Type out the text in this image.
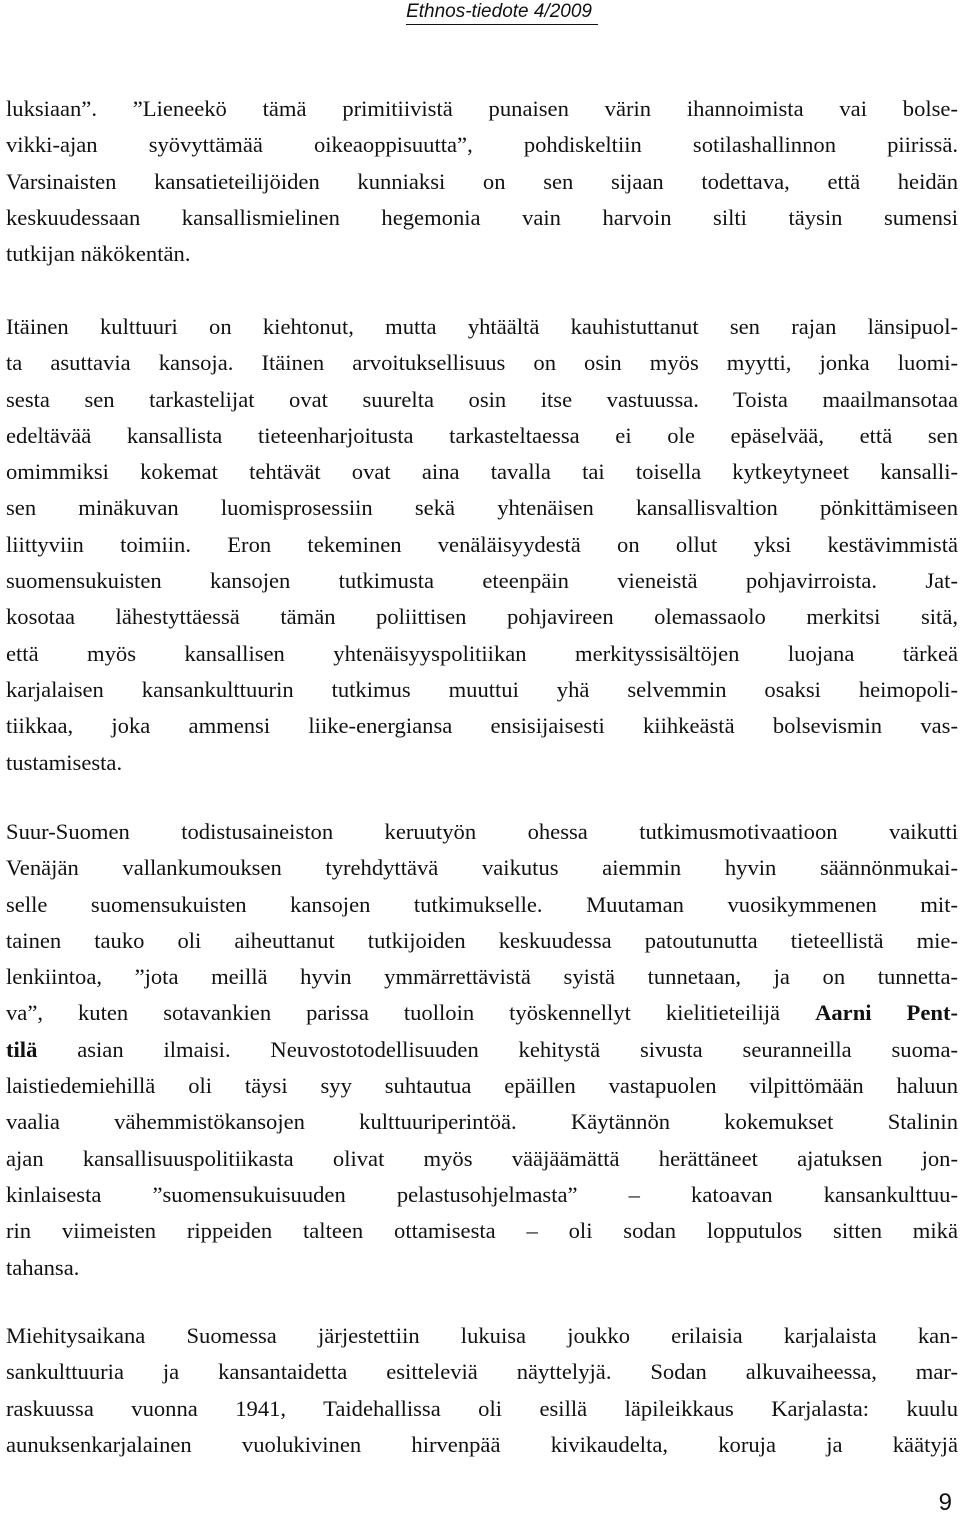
Ethnos-tiedote 4/2009
luksiaan”. ”Lieneekö tämä primitiivistä punaisen värin ihannoimista vai bolse-
vikki-ajan syövyttämää oikeaoppisuutta”, pohdiskeltiin sotilashallinnon piirissä.
Varsinaisten kansatieteilijöiden kunniaksi on sen sijaan todettava, että heidän
keskuudessaan kansallismielinen hegemonia vain harvoin silti täysin sumensi
tutkijan näkökentän.
Itäinen kulttuuri on kiehtonut, mutta yhtäältä kauhistuttanut sen rajan länsipuol-
ta asuttavia kansoja. Itäinen arvoituksellisuus on osin myös myytti, jonka luomi-
sesta sen tarkastelijat ovat suurelta osin itse vastuussa. Toista maailmansotaa
edeltävää kansallista tieteenharjoitusta tarkasteltaessa ei ole epäselvää, että sen
omimmiksi kokemat tehtävät ovat aina tavalla tai toisella kytkeytyneet kansalli-
sen minäkuvan luomisprosessiin sekä yhtenäisen kansallisvaltion pönkittämiseen
liittyviin toimiin. Eron tekeminen venäläisyydestä on ollut yksi kestävimmistä
suomensukuisten kansojen tutkimusta eteenpäin vieneistä pohjavirroista. Jat-
kosotaa lähestyttäessä tämän poliittisen pohjavireen olemassaolo merkitsi sitä,
että myös kansallisen yhtenäisyyspolitiikan merkityssisältöjen luojana tärkeä
karjalaisen kansankulttuurin tutkimus muuttui yhä selvemmin osaksi heimopoli-
tiikkaa, joka ammensi liike-energiansa ensisijaisesti kiihkeästä bolsevismin vas-
tustamisesta.
Suur-Suomen todistusaineiston keruutyön ohessa tutkimusmotivaatioon vaikutti
Venäjän vallankumouksen tyrehdyttävä vaikutus aiemmin hyvin säännönmukai-
selle suomensukuisten kansojen tutkimukselle. Muutaman vuosikymmenen mit-
tainen tauko oli aiheuttanut tutkijoiden keskuudessa patoutunutta tieteellistä mie-
lenkiintoa, ”jota meillä hyvin ymmärrettävistä syistä tunnetaan, ja on tunnetta-
va”, kuten sotavankien parissa tuolloin työskennellyt kielitieteilijä Aarni Pent-
tilä asian ilmaisi. Neuvostotodellisuuden kehitystä sivusta seuranneilla suoma-
laistiedemiehillä oli täysi syy suhtautua epäillen vastapuolen vilpittömään haluun
vaalia vähemmistökansojen kulttuuriperintöä. Käytännön kokemukset Stalinin
ajan kansallisuuspolitiikasta olivat myös vääjäämättä herättäneet ajatuksen jon-
kinlaisesta ”suomensukuisuuden pelastusohjelmasta” – katoavan kansankulttuu-
rin viimeisten rippeiden talteen ottamisesta – oli sodan lopputulos sitten mikä
tahansa.
Miehitysaikana Suomessa järjestettiin lukuisa joukko erilaisia karjalaista kan-
sankulttuuria ja kansantaidetta esitteleviä näyttelyjä. Sodan alkuvaiheessa, mar-
raskuussa vuonna 1941, Taidehallissa oli esillä läpileikkaus Karjalasta: kuulu
aunuksenkarjalainen vuolukivinen hirvenpää kivikaudelta, koruja ja käätyjä
9
